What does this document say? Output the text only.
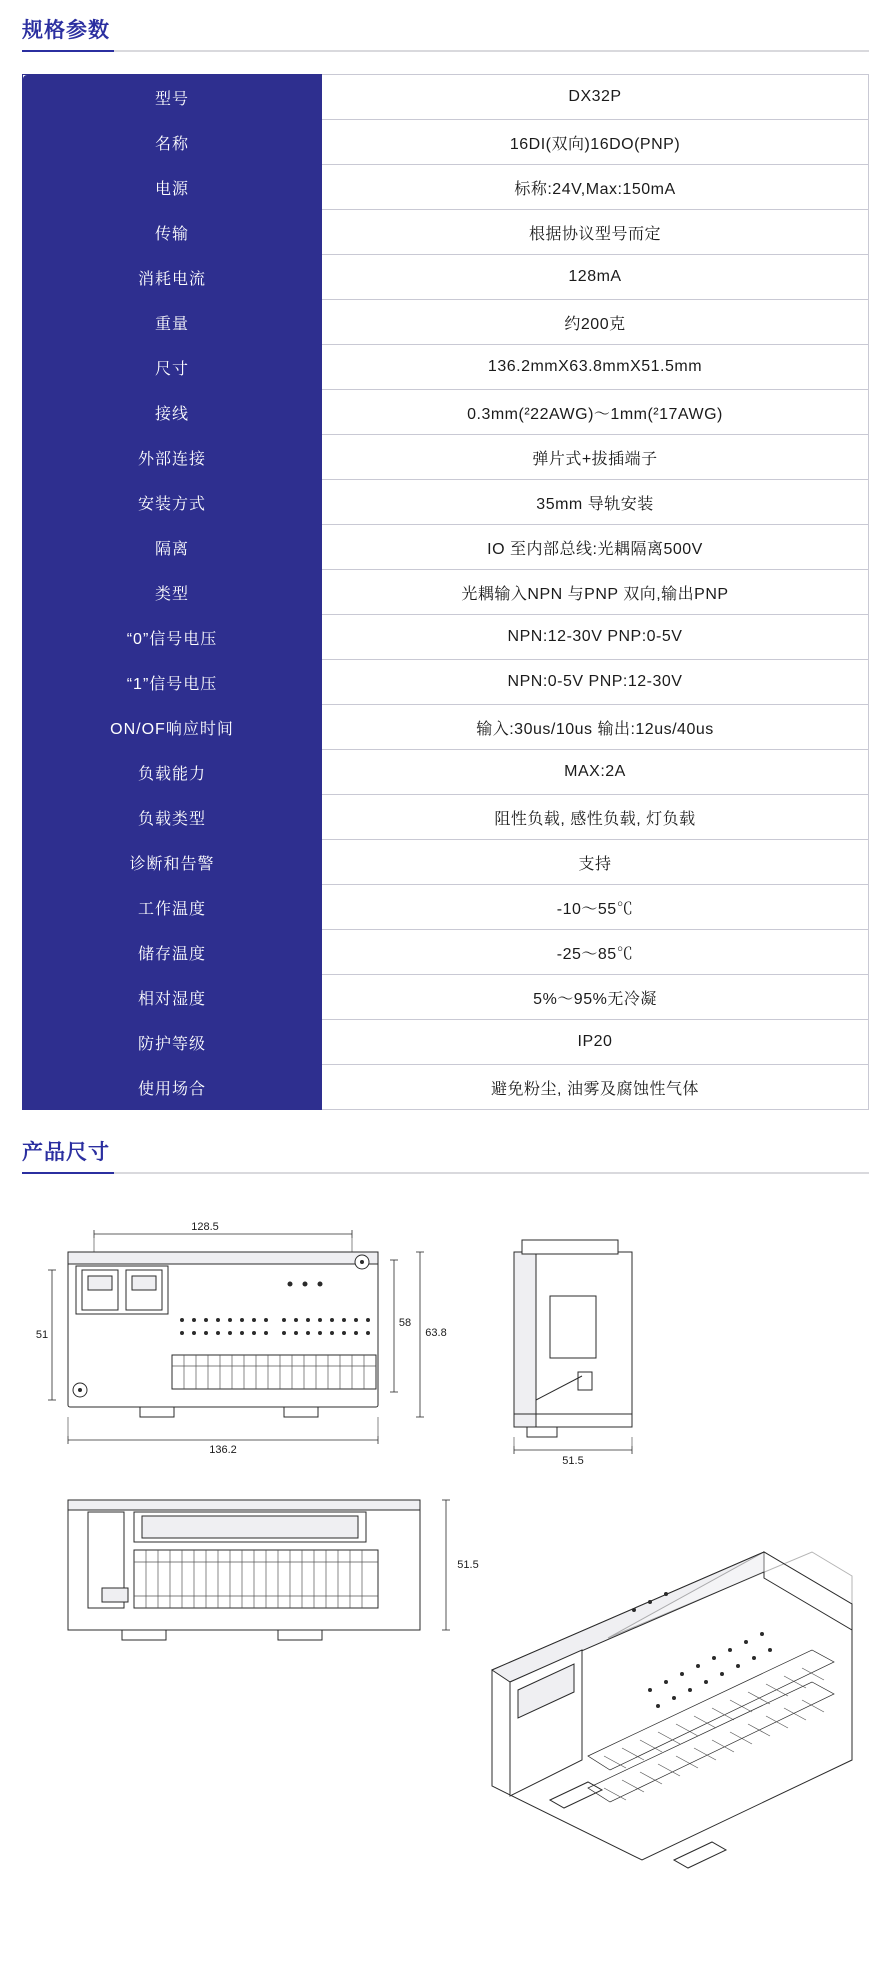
规格参数
型号	DX32P
名称	16DI(双向)16DO(PNP)
电源	标称:24V,Max:150mA
传输	根据协议型号而定
消耗电流	128mA
重量	约200克
尺寸	136.2mmX63.8mmX51.5mm
接线	0.3mm(²22AWG)～1mm(²17AWG)
外部连接	弹片式+拔插端子
安装方式	35mm 导轨安装
隔离	IO 至内部总线:光耦隔离500V
类型	光耦输入NPN 与PNP 双向,输出PNP
“0”信号电压	NPN:12-30V PNP:0-5V
“1”信号电压	NPN:0-5V PNP:12-30V
ON/OF响应时间	输入:30us/10us 输出:12us/40us
负载能力	MAX:2A
负载类型	阻性负载, 感性负载, 灯负载
诊断和告警	支持
工作温度	-10～55℃
储存温度	-25～85℃
相对湿度	5%～95%无冷凝
防护等级	IP20
使用场合	避免粉尘, 油雾及腐蚀性气体
产品尺寸
128.5
51
58
63.8
136.2
51.5
51.5
